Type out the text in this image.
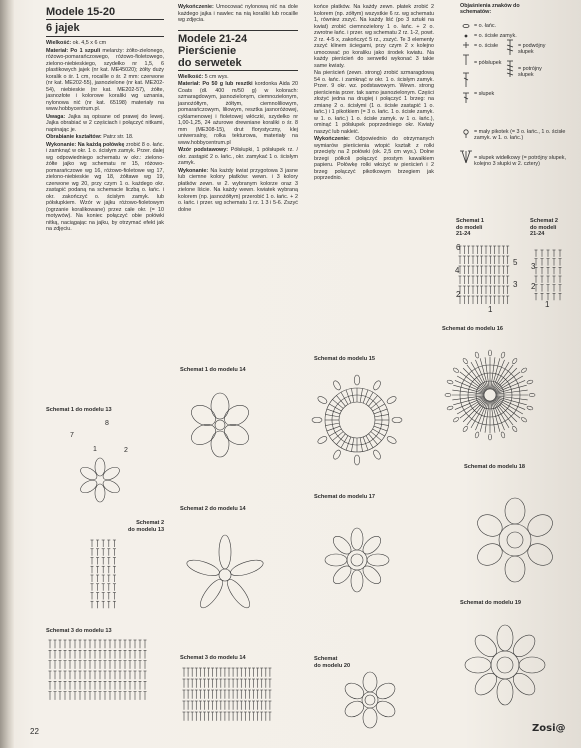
Modele 15-20
6 jajek

Wielkość: ok. 4,5 x 6 cm

Materiał: Po 1 szpuli melanży: żółto-zielonego, różowo-pomarańczowego, różowo-fioletowego, zielono-niebieskiego, szydełko nr 1,5, 6 plastikowych jajek (nr kat. ME45020); żółty duży koralik o śr. 1 cm, rocaille o śr. 2 mm: czerwone (nr kat. ME202-55), jasnozielone (nr kat. ME202-54), niebieskie (nr kat. ME202-57), żółte, jasnozłote i kolorowe koraliki wg uznania, nylonowa nić (nr kat. 65198) materiały na www.hobbycentrum.pl.

Uwaga: Jajka są opisane od prawej do lewej. Jajka obrabiać w 2 częściach i połączyć nitkami, napinając je.

Obrabianie kształtów: Patrz str. 18.

Wykonanie: Na każdą połówkę zrobić 8 o. łańc. i zamknąć w okr. 1 o. ścisłym zamyk. Przer. dalej wg odpowiedniego schematu w okr.: zielono-żółte jajko wg schematu nr 15, różowo-pomarańczowe wg 16, różowo-fioletowe wg 17, zielono-niebieskie wg 18, żółtawe wg 19, czerwone wg 20, przy czym 1 o. każdego okr. zastąpić podaną na schemacie liczbą o. łańc. i okr. zakończyć o. ścisłym zamyk. lub półsłupkiem. Wzór w jajku różowo-fioletowym (ogrzanie koralikowane) przez całe okr. (= 10 motywów). Na koniec połączyć obie połówki nitką, naciągając na jajku, by otrzymać efekt jak na zdjęciu.

Wykończenie: Umocować nylonową nić na dole każdego jajka i nawlec na nią koraliki lub rocaille wg zdjęcia.

Modele 21-24
Pierścienie
do serwetek

Wielkość: 5 cm wys.

Materiał: Po 50 g lub resztki kordonka Aida 20 Coats (dł. 400 m/50 g) w kolorach: szmaragdowym, jasnozielonym, ciemnozielonym, jasnożółtym, żółtym, ciemnoliliowym, pomarańczowym, liliowym, resztka jasnoróżowej, cyklamenowej i fioletowej włóczki, szydełko nr 1,00-1,25, 24 ażurowe drewniane koraliki o śr. 8 mm (ME308-15), drut florystyczny, klej uniwersalny, rolka tekturowa, materiały na www.hobbycentrum.pl

Wzór podstawowy: Półsłupki, 1 półsłupek rz. / okr. zastąpić 2 o. łańc., okr. zamykać 1 o. ścisłym zamyk.

Wykonanie: Na każdy kwiat przygotowa 3 jasne lub ciemne kolory płatków: wewn. i 3 kolory płatków zewn. w 2. wybranym kolorze oraz 3 zielone liście. Na każdy wewn. kwiatek wybraną kolorem (np. jasnożółtym) przerobić 1 o. łańc. + 2 o. łańc. i przer. wg schematu 1 rz. 1 3 i 5-6. Zszyć dolne

końce płatków. Na każdy zewn. płatek zrobić 2 kolorem (np. zółtym) wszystkie 6 rz. wg schematu 1, równiez zszyć. Na każdy liść (po 3 sztuki na kwiat) zrobić ciemnozielony 1 o. łańc. + 2 o. zwrotne łańc. i przer. wg schematu 2 rz. 1-2, powt. 2 rz. 4-5 x, zakończyć 5 rz., zszyć. Te 3 elementy zszyć klinem ściegami, przy czym 2 x kolejno umocować po koraliku jako środek kwiatu. Na każdy pierścień do serwetki wykonać 3 takie same kwiaty.

Na pierścień (zewn. strong) zrobić szmaragdową 54 o. łańc. i zamknąć w okr. 1 o. ścisłym zamyk. Przer. 9 okr. wz. podstawowym. Wewn. strong pierścienia przer. tak samo jasnozielonym. Części złożyć jedna na drugiej i połączyć 1 brzeg: na zmianę 2 o. ścisłymi (1 o. ścisłe zastąpić 1 o. łańc.) i 1 pikotkiem (= 3 o. łańc. 1 o. ścisłe zamyk. w 1. o. łańc.) 1 o. ścisłe zamyk. w 1 o. łańc.), ominąć 1 półsłupek poprzedniego okr. Kwiaty naszyć lub nakleić.

Wykończenie: Odpowiednio do otrzymanych wymiarów pierścienia wtopić kształt z rolki przecięty na 2 połówki (ok. 2,5 cm wys.). Dolne brzegi półkoli połączyć prostym kawałkiem papieru. Połówkę rolki włożyć w pierścień i 2 brzeg połączyć pikotkowym brzegiem jak poprzednio.

Objaśnienia znaków do schematów:
= o. łańc.
= o. ścisłe zamyk.
= o. ścisłe	= podwójny słupek
= półsłupek
= potrójny słupek
= słupek
= mały pikotek (= 3 o. łańc., 1 o. ścisłe zamyk. w 1. o. łańc.)
= słupek widełkowy (= potrójny słupek, kolejno 3 słupki w 2. cztery)
Schemat 1 do modelu 13
Schemat 2
do modelu 13
Schemat 3 do modelu 13
Schemat 1 do modelu 14
Schemat 2 do modelu 14
Schemat 3 do modelu 14
Schemat do modelu 15
Schemat do modelu 17
Schemat
do modelu 20
Schemat 1
do modeli
21-24
Schemat 2
do modeli
21-24
Schemat do modelu 16
Schemat do modelu 18
Schemat do modelu 19
8
7
1	2
6
5
4
3
2
1
3
2
1
22	Zosi@
